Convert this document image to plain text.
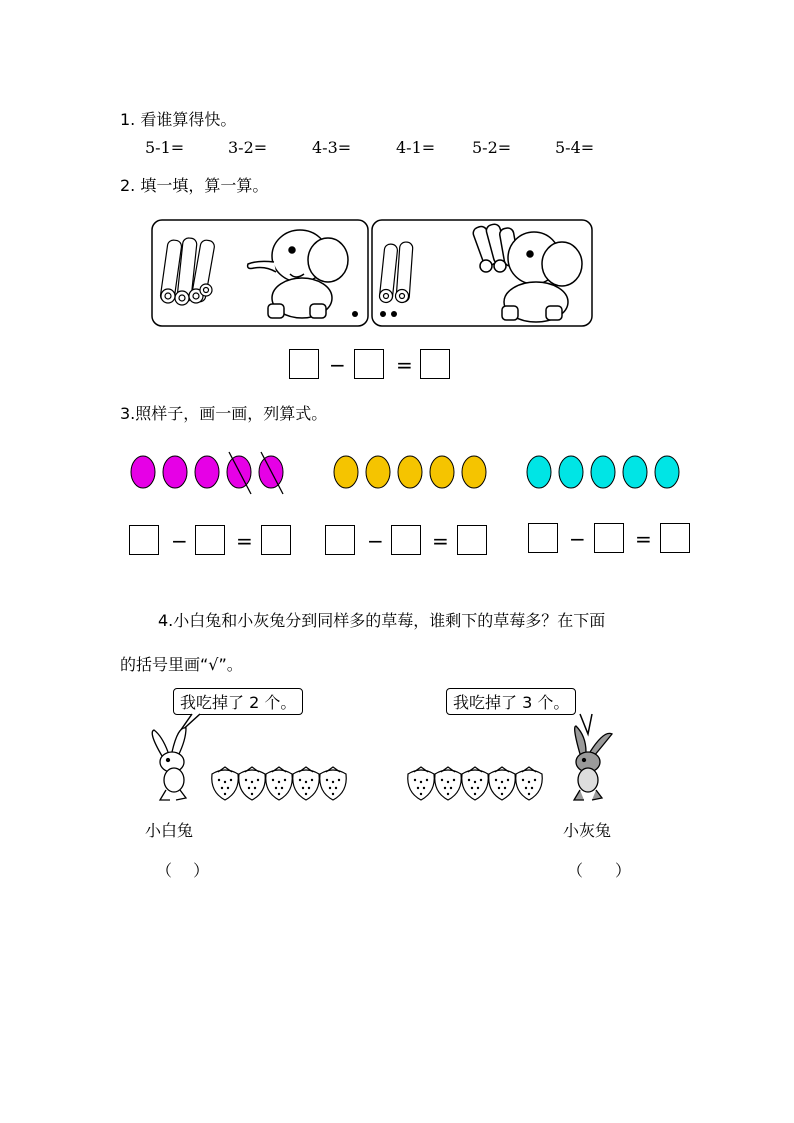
1. 看谁算得快。
5-1=	3-2=	4-3=	4-1= 5-2=	5-4=
2. 填一填，算一算。
−	=
3.照样子，画一画，列算式。
− =	− =	− =
4.小白兔和小灰兔分到同样多的草莓，谁剩下的草莓多？在下面
的括号里画“√”。
我吃掉了 2 个。	我吃掉了 3 个。
小白兔	小灰兔
（　 ）	（　　）
